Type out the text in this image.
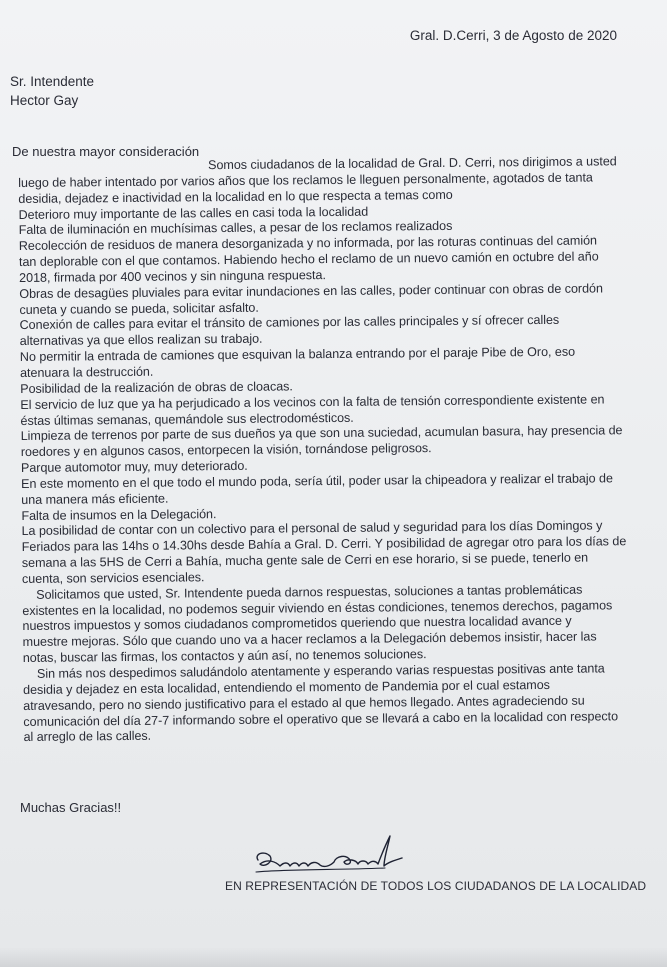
Gral. D.Cerri, 3 de Agosto de 2020
Sr. Intendente
Hector Gay
De nuestra mayor consideración
Somos ciudadanos de la localidad de Gral. D. Cerri, nos dirigimos a usted
luego de haber intentado por varios años que los reclamos le lleguen personalmente, agotados de tanta
desidia, dejadez e inactividad en la localidad en lo que respecta a temas como
Deterioro muy importante de las calles en casi toda la localidad
Falta de iluminación en muchísimas calles, a pesar de los reclamos realizados
Recolección de residuos de manera desorganizada y no informada, por las roturas continuas del camión
tan deplorable con el que contamos. Habiendo hecho el reclamo de un nuevo camión en octubre del año
2018, firmada por 400 vecinos y sin ninguna respuesta.
Obras de desagües pluviales para evitar inundaciones en las calles, poder continuar con obras de cordón
cuneta y cuando se pueda, solicitar asfalto.
Conexión de calles para evitar el tránsito de camiones por las calles principales y sí ofrecer calles
alternativas ya que ellos realizan su trabajo.
No permitir la entrada de camiones que esquivan la balanza entrando por el paraje Pibe de Oro, eso
atenuara la destrucción.
Posibilidad de la realización de obras de cloacas.
El servicio de luz que ya ha perjudicado a los vecinos con la falta de tensión correspondiente existente en
éstas últimas semanas, quemándole sus electrodomésticos.
Limpieza de terrenos por parte de sus dueños ya que son una suciedad, acumulan basura, hay presencia de
roedores y en algunos casos, entorpecen la visión, tornándose peligrosos.
Parque automotor muy, muy deteriorado.
En este momento en el que todo el mundo poda, sería útil, poder usar la chipeadora y realizar el trabajo de
una manera más eficiente.
Falta de insumos en la Delegación.
La posibilidad de contar con un colectivo para el personal de salud y seguridad para los días Domingos y
Feriados para las 14hs o 14.30hs desde Bahía a Gral. D. Cerri. Y posibilidad de agregar otro para los días de
semana a las 5HS de Cerri a Bahía, mucha gente sale de Cerri en ese horario, si se puede, tenerlo en
cuenta, son servicios esenciales.
Solicitamos que usted, Sr. Intendente pueda darnos respuestas, soluciones a tantas problemáticas
existentes en la localidad, no podemos seguir viviendo en éstas condiciones, tenemos derechos, pagamos
nuestros impuestos y somos ciudadanos comprometidos queriendo que nuestra localidad avance y
muestre mejoras. Sólo que cuando uno va a hacer reclamos a la Delegación debemos insistir, hacer las
notas, buscar las firmas, los contactos y aún así, no tenemos soluciones.
Sin más nos despedimos saludándolo atentamente y esperando varias respuestas positivas ante tanta
desidia y dejadez en esta localidad, entendiendo el momento de Pandemia por el cual estamos
atravesando, pero no siendo justificativo para el estado al que hemos llegado. Antes agradeciendo su
comunicación del día 27-7 informando sobre el operativo que se llevará a cabo en la localidad con respecto
al arreglo de las calles.
Muchas Gracias!!
EN REPRESENTACIÓN DE TODOS LOS CIUDADANOS DE LA LOCALIDAD
